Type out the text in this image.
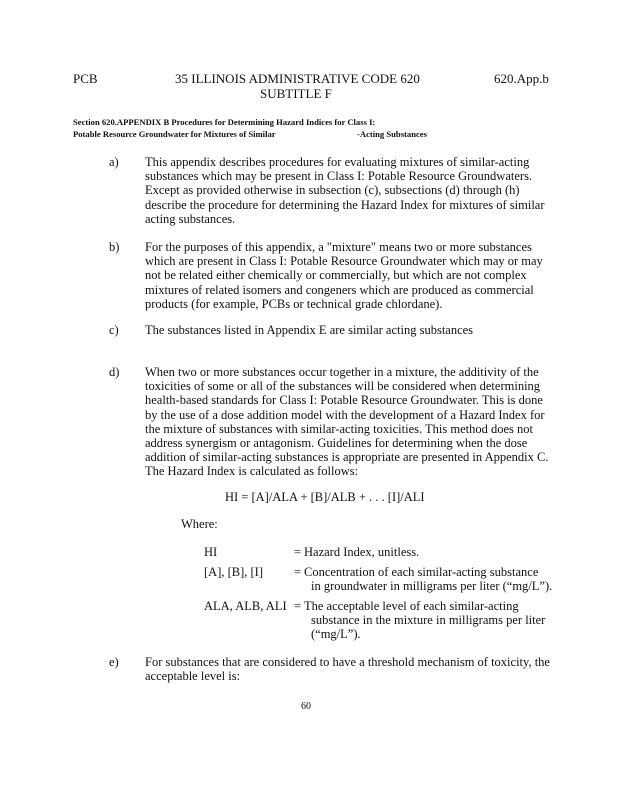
PCB	35 ILLINOIS ADMINISTRATIVE CODE 620
SUBTITLE F
620.App.b
Section 620.APPENDIX B Procedures for Determining Hazard Indices for Class I:
Potable Resource Groundwater for Mixtures of Similar	-Acting Substances
a) This appendix describes procedures for evaluating mixtures of similar-acting
substances which may be present in Class I: Potable Resource Groundwaters.
Except as provided otherwise in subsection (c), subsections (d) through (h)
describe the procedure for determining the Hazard Index for mixtures of similar
acting substances.
b) For the purposes of this appendix, a "mixture" means two or more substances
which are present in Class I: Potable Resource Groundwater which may or may
not be related either chemically or commercially, but which are not complex
mixtures of related isomers and congeners which are produced as commercial
products (for example, PCBs or technical grade chlordane).
c) The substances listed in Appendix E are similar acting substances
d) When two or more substances occur together in a mixture, the additivity of the
toxicities of some or all of the substances will be considered when determining
health-based standards for Class I: Potable Resource Groundwater. This is done
by the use of a dose addition model with the development of a Hazard Index for
the mixture of substances with similar-acting toxicities. This method does not
address synergism or antagonism. Guidelines for determining when the dose
addition of similar-acting substances is appropriate are presented in Appendix C.
The Hazard Index is calculated as follows:
HI = [A]/ALA + [B]/ALB + . . . [I]/ALI
Where:
HI	= Hazard Index, unitless.
[A], [B], [I] = Concentration of each similar-acting substance
in groundwater in milligrams per liter (“mg/L”).
ALA, ALB, ALI = The acceptable level of each similar-acting
substance in the mixture in milligrams per liter
(“mg/L”).
e) For substances that are considered to have a threshold mechanism of toxicity, the
acceptable level is:
60
